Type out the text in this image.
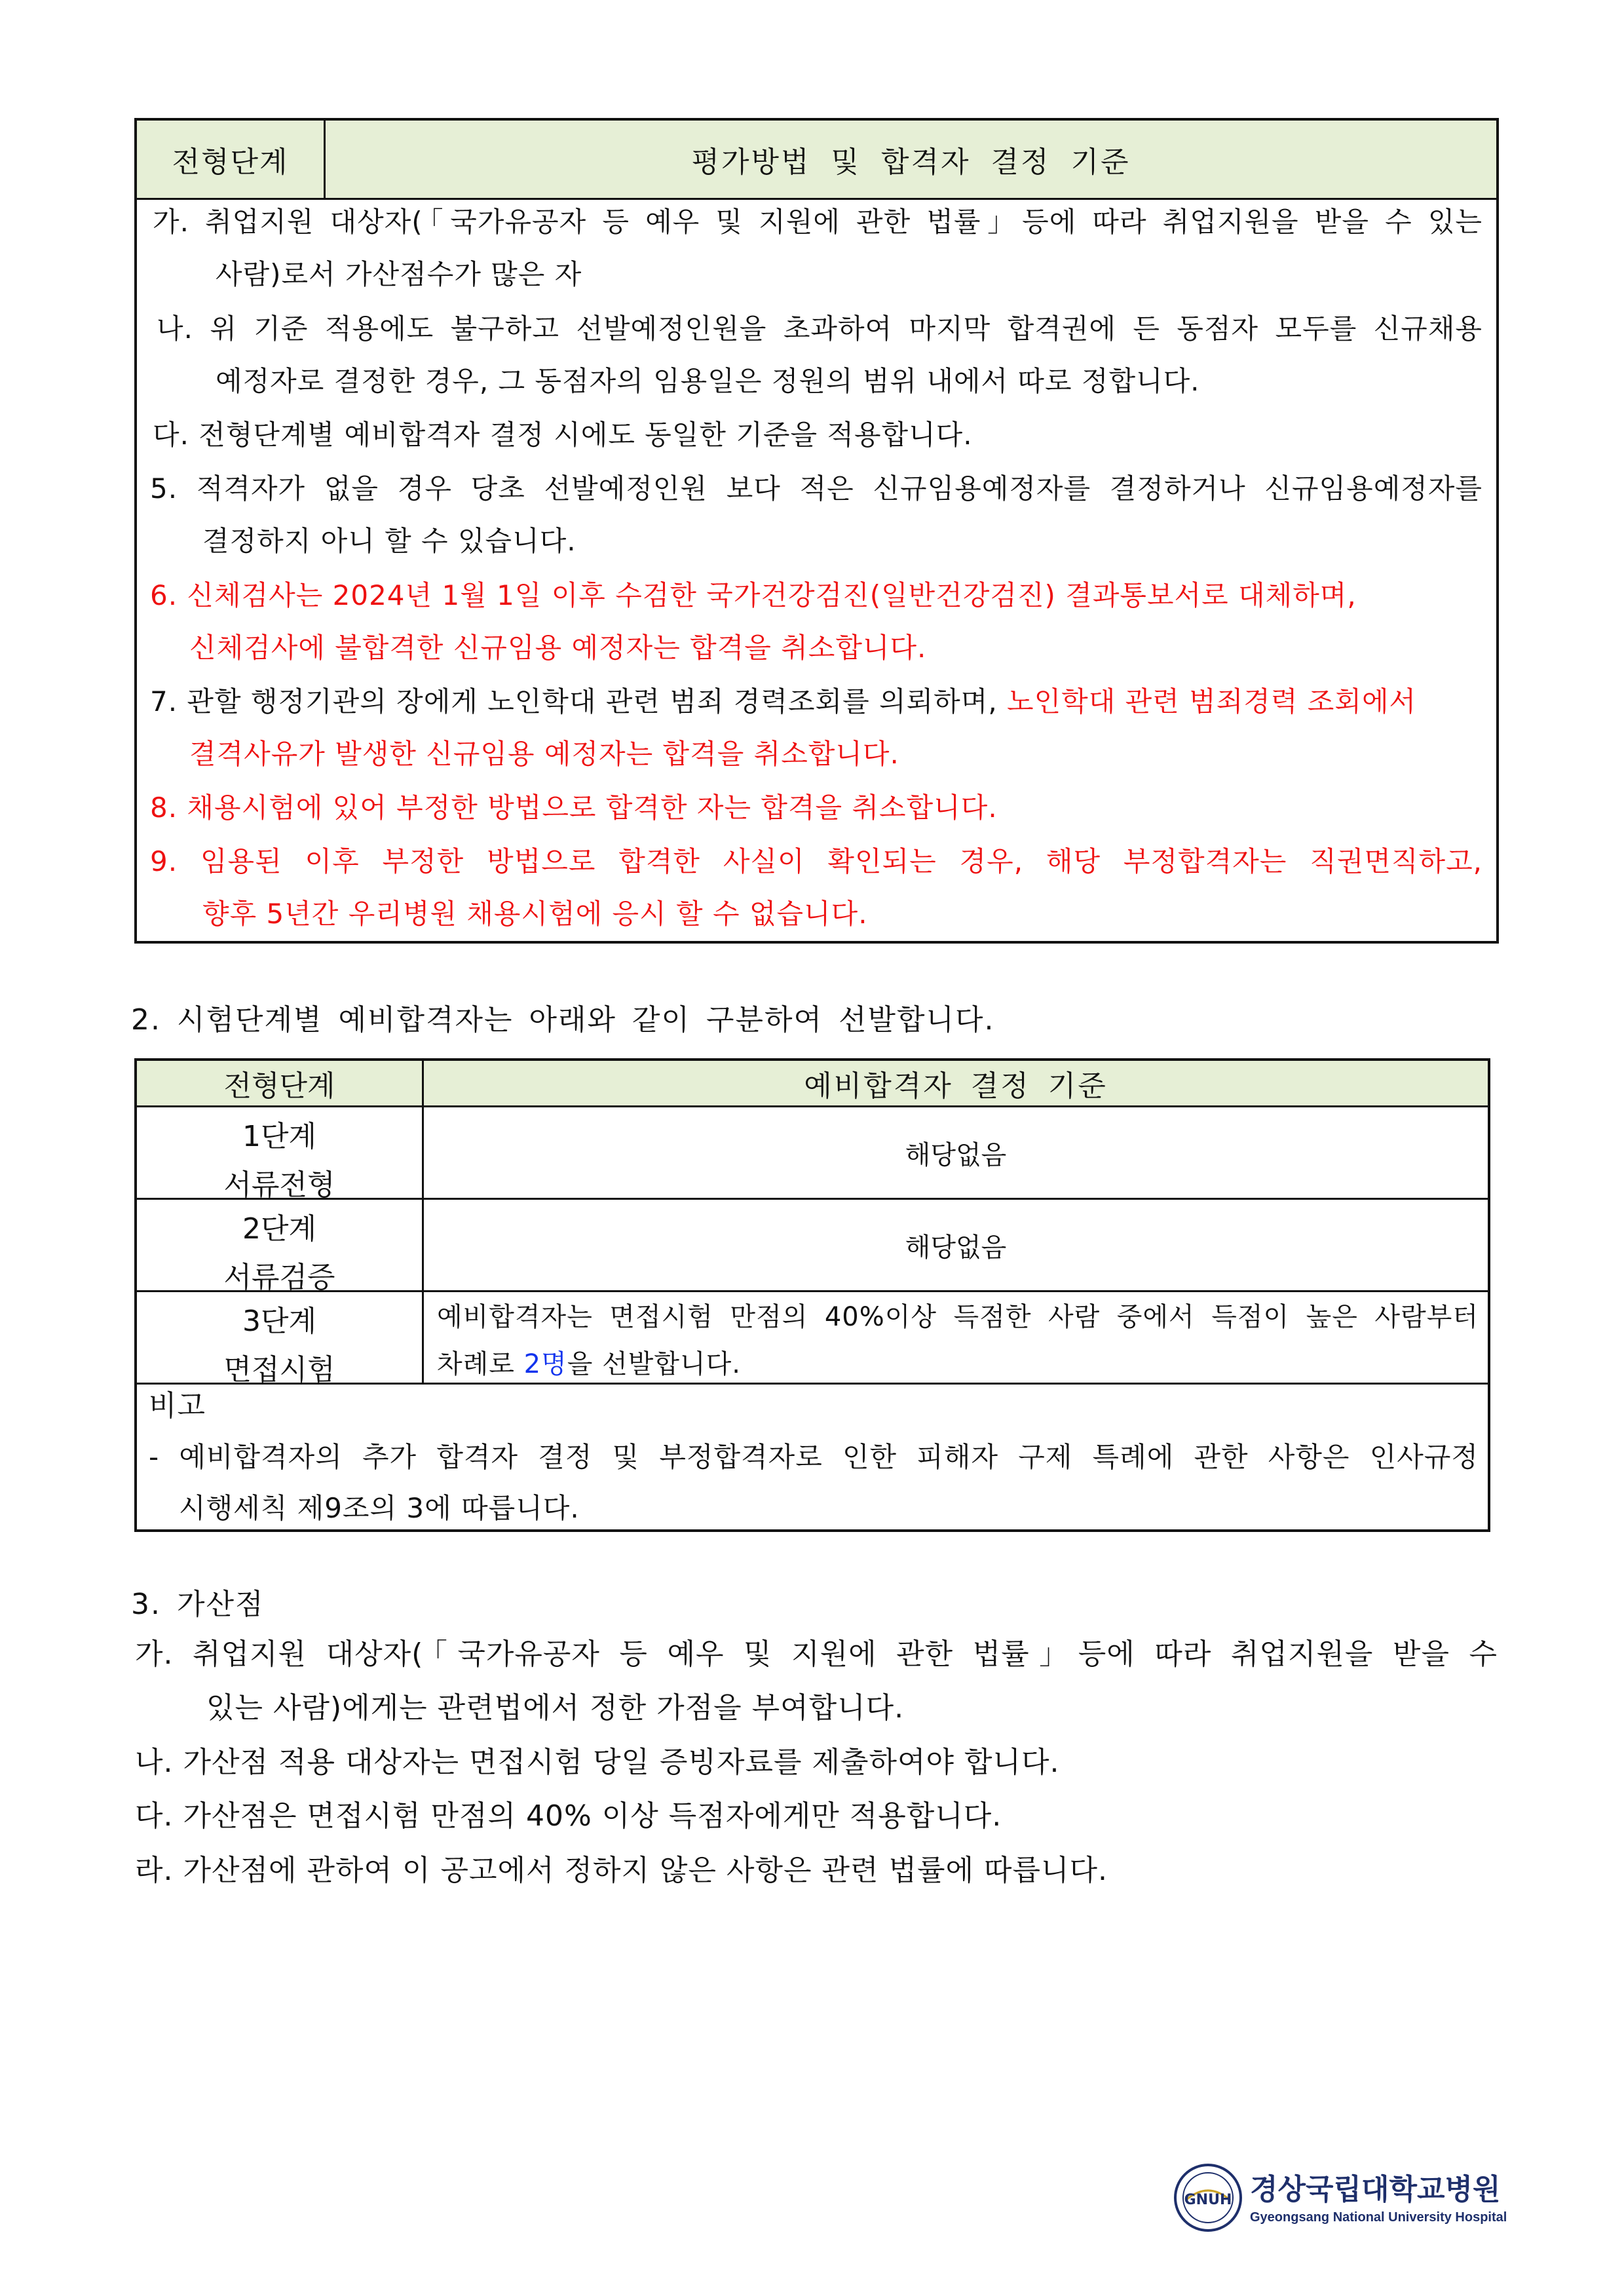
전형단계	평가방법 및 합격자 결정 기준
가. 취업지원 대상자(「국가유공자 등 예우 및 지원에 관한 법률」등에 따라 취업지원을 받을 수 있는
사람)로서 가산점수가 많은 자
나. 위 기준 적용에도 불구하고 선발예정인원을 초과하여 마지막 합격권에 든 동점자 모두를 신규채용
예정자로 결정한 경우, 그 동점자의 임용일은 정원의 범위 내에서 따로 정합니다.
다. 전형단계별 예비합격자 결정 시에도 동일한 기준을 적용합니다.
5. 적격자가 없을 경우 당초 선발예정인원 보다 적은 신규임용예정자를 결정하거나 신규임용예정자를
결정하지 아니 할 수 있습니다.
6. 신체검사는 2024년 1월 1일 이후 수검한 국가건강검진(일반건강검진) 결과통보서로 대체하며,
신체검사에 불합격한 신규임용 예정자는 합격을 취소합니다.
7. 관할 행정기관의 장에게 노인학대 관련 범죄 경력조회를 의뢰하며, 노인학대 관련 범죄경력 조회에서
결격사유가 발생한 신규임용 예정자는 합격을 취소합니다.
8. 채용시험에 있어 부정한 방법으로 합격한 자는 합격을 취소합니다.
9. 임용된 이후 부정한 방법으로 합격한 사실이 확인되는 경우, 해당 부정합격자는 직권면직하고,
향후 5년간 우리병원 채용시험에 응시 할 수 없습니다.
2. 시험단계별 예비합격자는 아래와 같이 구분하여 선발합니다.
전형단계	예비합격자 결정 기준
1단계
서류전형
해당없음
2단계
서류검증
해당없음
3단계
면접시험
예비합격자는 면접시험 만점의 40%이상 득점한 사람 중에서 득점이 높은 사람부터
차례로 2명을 선발합니다.
비고
- 예비합격자의 추가 합격자 결정 및 부정합격자로 인한 피해자 구제 특례에 관한 사항은 인사규정
시행세칙 제9조의 3에 따릅니다.
3. 가산점
가. 취업지원 대상자(「국가유공자 등 예우 및 지원에 관한 법률」등에 따라 취업지원을 받을 수
있는 사람)에게는 관련법에서 정한 가점을 부여합니다.
나. 가산점 적용 대상자는 면접시험 당일 증빙자료를 제출하여야 합니다.
다. 가산점은 면접시험 만점의 40% 이상 득점자에게만 적용합니다.
라. 가산점에 관하여 이 공고에서 정하지 않은 사항은 관련 법률에 따릅니다.
GNUH 경상국립대학교병원
Gyeongsang National University Hospital
